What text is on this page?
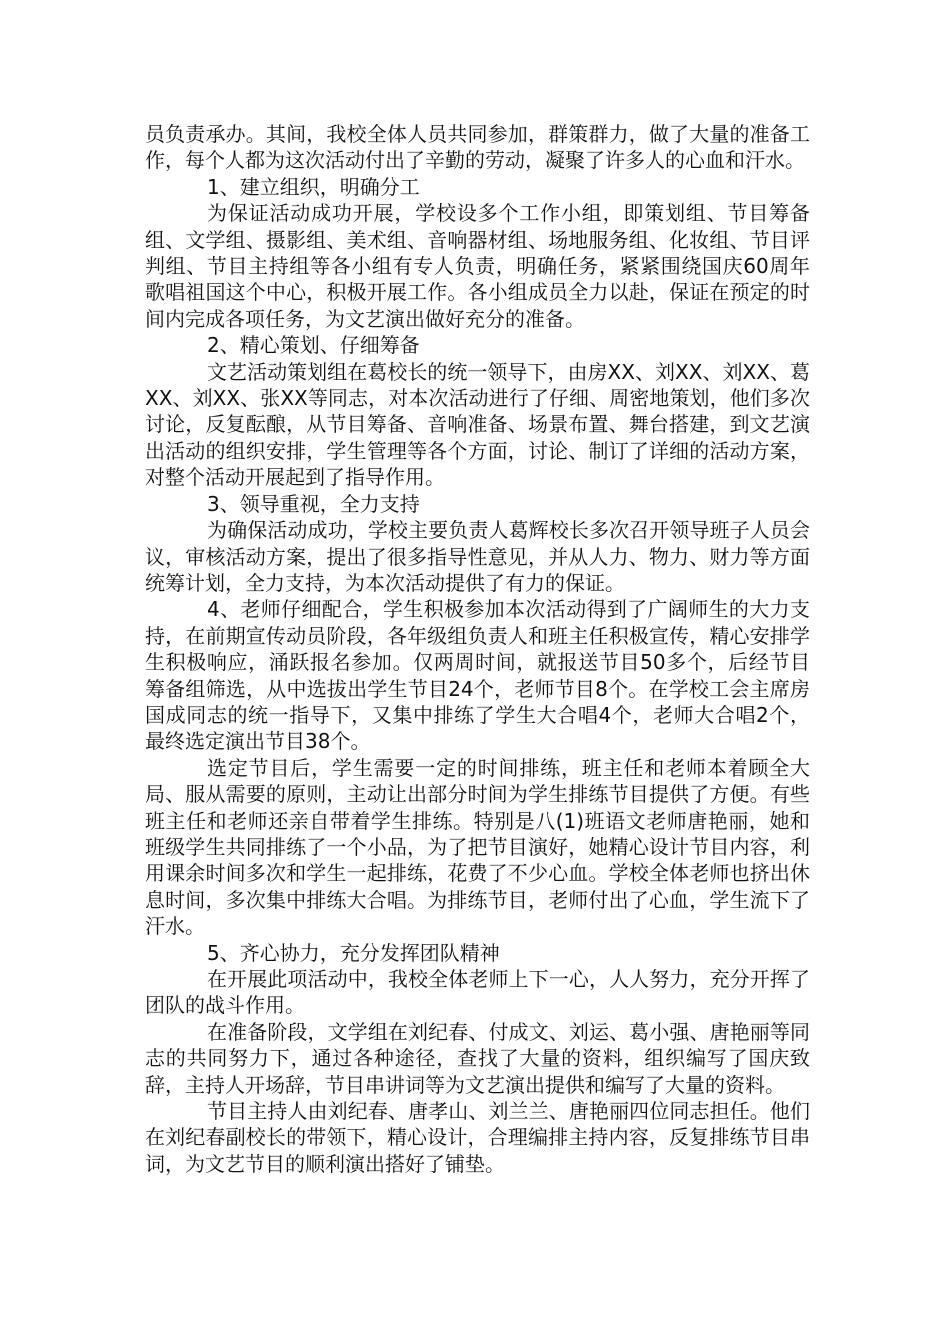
员负责承办。其间，我校全体人员共同参加，群策群力，做了大量的准备工作，每个人都为这次活动付出了辛勤的劳动，凝聚了许多人的心血和汗水。

1、建立组织，明确分工

为保证活动成功开展，学校设多个工作小组，即策划组、节目筹备组、文学组、摄影组、美术组、音响器材组、场地服务组、化妆组、节目评判组、节目主持组等各小组有专人负责，明确任务，紧紧围绕国庆60周年歌唱祖国这个中心，积极开展工作。各小组成员全力以赴，保证在预定的时间内完成各项任务，为文艺演出做好充分的准备。

2、精心策划、仔细筹备

文艺活动策划组在葛校长的统一领导下，由房XX、刘XX、刘XX、葛XX、刘XX、张XX等同志，对本次活动进行了仔细、周密地策划，他们多次讨论，反复酝酿，从节目筹备、音响准备、场景布置、舞台搭建，到文艺演出活动的组织安排，学生管理等各个方面，讨论、制订了详细的活动方案，对整个活动开展起到了指导作用。

3、领导重视，全力支持

为确保活动成功，学校主要负责人葛辉校长多次召开领导班子人员会议，审核活动方案，提出了很多指导性意见，并从人力、物力、财力等方面统筹计划，全力支持，为本次活动提供了有力的保证。

4、老师仔细配合，学生积极参加本次活动得到了广阔师生的大力支持，在前期宣传动员阶段，各年级组负责人和班主任积极宣传，精心安排学生积极响应，涌跃报名参加。仅两周时间，就报送节目50多个，后经节目筹备组筛选，从中选拔出学生节目24个，老师节目8个。在学校工会主席房国成同志的统一指导下，又集中排练了学生大合唱4个，老师大合唱2个，最终选定演出节目38个。

选定节目后，学生需要一定的时间排练，班主任和老师本着顾全大局、服从需要的原则，主动让出部分时间为学生排练节目提供了方便。有些班主任和老师还亲自带着学生排练。特别是八(1)班语文老师唐艳丽，她和班级学生共同排练了一个小品，为了把节目演好，她精心设计节目内容，利用课余时间多次和学生一起排练，花费了不少心血。学校全体老师也挤出休息时间，多次集中排练大合唱。为排练节目，老师付出了心血，学生流下了汗水。

5、齐心协力，充分发挥团队精神

在开展此项活动中，我校全体老师上下一心，人人努力，充分开挥了团队的战斗作用。

在准备阶段，文学组在刘纪春、付成文、刘运、葛小强、唐艳丽等同志的共同努力下，通过各种途径，查找了大量的资料，组织编写了国庆致辞，主持人开场辞，节目串讲词等为文艺演出提供和编写了大量的资料。

节目主持人由刘纪春、唐孝山、刘兰兰、唐艳丽四位同志担任。他们在刘纪春副校长的带领下，精心设计，合理编排主持内容，反复排练节目串词，为文艺节目的顺利演出搭好了铺垫。
